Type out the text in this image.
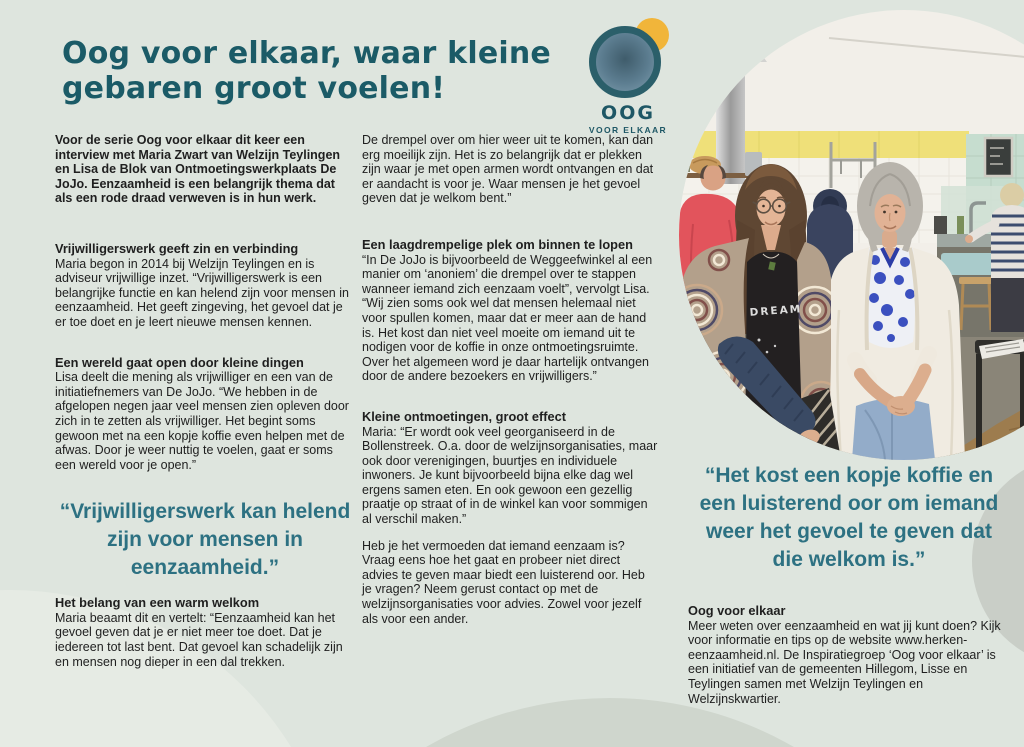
DREAM
Oog voor elkaar, waar kleine gebaren groot voelen!
OOG
VOOR ELKAAR

Voor de serie Oog voor elkaar dit keer een interview met Maria Zwart van Welzijn Teylingen en Lisa de Blok van Ontmoetingswerkplaats De JoJo. Eenzaamheid is een belangrijk thema dat als een rode draad verweven is in hun werk.

Vrijwilligerswerk geeft zin en verbinding

Maria begon in 2014 bij Welzijn Teylingen en is adviseur vrijwillige inzet. “Vrijwilligerswerk is een belangrijke functie en kan helend zijn voor mensen in eenzaamheid. Het geeft zingeving, het gevoel dat je er toe doet en je leert nieuwe mensen kennen.

Een wereld gaat open door kleine dingen

Lisa deelt die mening als vrijwilliger en een van de initiatiefnemers van De JoJo. “We hebben in de afgelopen negen jaar veel mensen zien opleven door zich in te zetten als vrijwilliger. Het begint soms gewoon met na een kopje koffie even helpen met de afwas. Door je weer nuttig te voelen, gaat er soms een wereld voor je open.”

“Vrijwilligerswerk kan helend zijn voor mensen in eenzaamheid.”
Het belang van een warm welkom

Maria beaamt dit en vertelt: “Eenzaamheid kan het gevoel geven dat je er niet meer toe doet. Dat je iedereen tot last bent. Dat gevoel kan schadelijk zijn en mensen nog dieper in een dal trekken.

De drempel over om hier weer uit te komen, kan dan erg moeilijk zijn. Het is zo belangrijk dat er plekken zijn waar je met open armen wordt ontvangen en dat er aandacht is voor je. Waar mensen je het gevoel geven dat je welkom bent.”

Een laagdrempelige plek om binnen te lopen

“In De JoJo is bijvoorbeeld de Weggeefwinkel al een manier om ‘anoniem’ die drempel over te stappen wanneer iemand zich eenzaam voelt”, vervolgt Lisa. “Wij zien soms ook wel dat mensen helemaal niet voor spullen komen, maar dat er meer aan de hand is. Het kost dan niet veel moeite om iemand uit te nodigen voor de koffie in onze ontmoetingsruimte. Over het algemeen word je daar hartelijk ontvangen door de andere bezoekers en vrijwilligers.”

Kleine ontmoetingen, groot effect

Maria: “Er wordt ook veel georganiseerd in de Bollenstreek. O.a. door de welzijnsorganisaties, maar ook door verenigingen, buurtjes en individuele inwoners. Je kunt bijvoorbeeld bijna elke dag wel ergens samen eten. En ook gewoon een gezellig praatje op straat of in de winkel kan voor sommigen al verschil maken.”

Heb je het vermoeden dat iemand eenzaam is? Vraag eens hoe het gaat en probeer niet direct advies te geven maar biedt een luisterend oor. Heb je vragen? Neem gerust contact op met de welzijnsorganisaties voor advies. Zowel voor jezelf als voor een ander.

“Het kost een kopje koffie en een luisterend oor om iemand weer het gevoel te geven dat die welkom is.”
Oog voor elkaar

Meer weten over eenzaamheid en wat jij kunt doen? Kijk voor informatie en tips op de website www.herken-eenzaamheid.nl. De Inspiratiegroep ‘Oog voor elkaar’ is een initiatief van de gemeenten Hillegom, Lisse en Teylingen samen met Welzijn Teylingen en Welzijnskwartier.
